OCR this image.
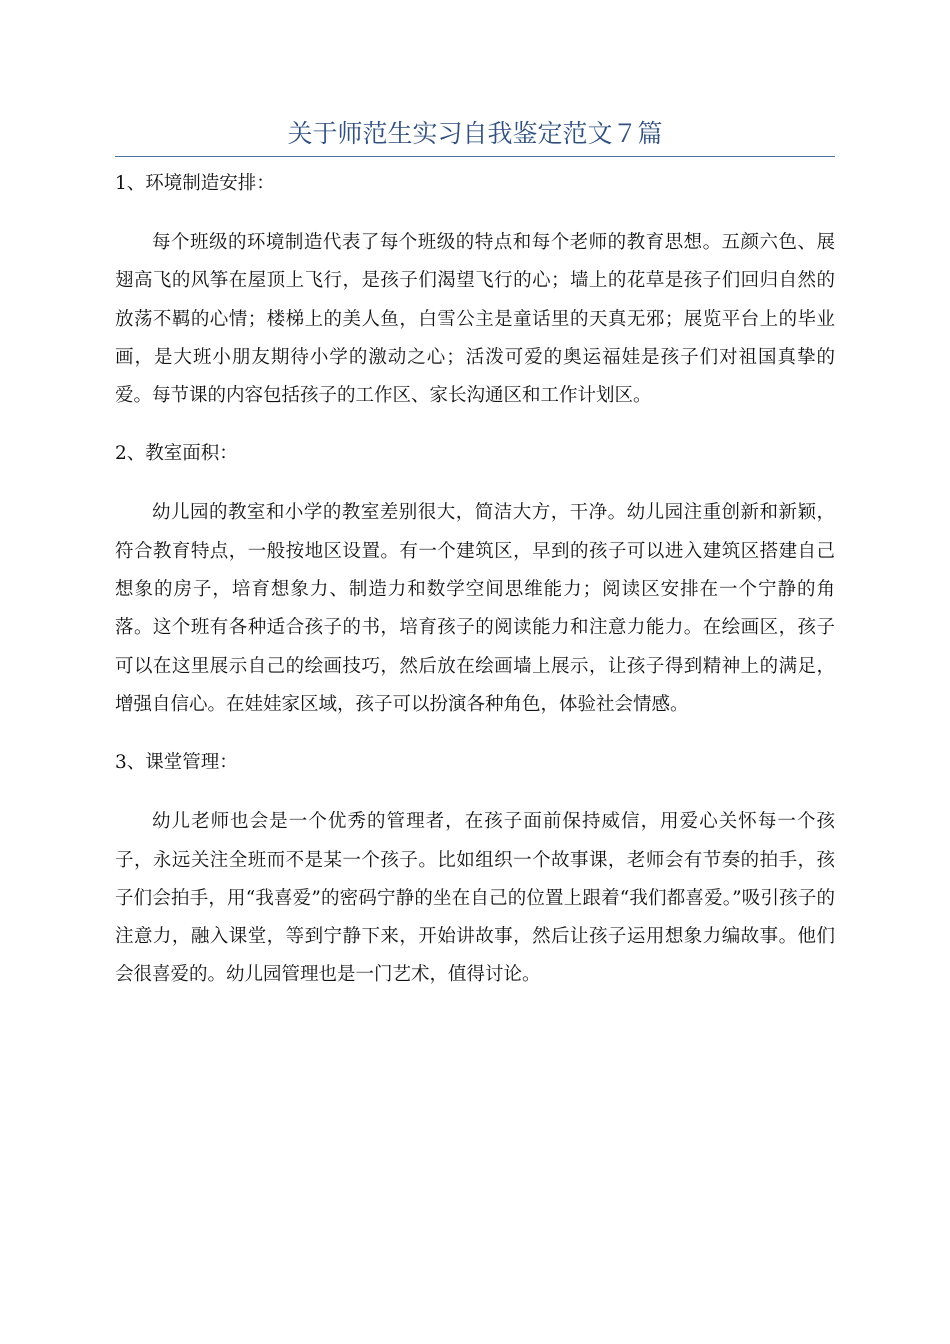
关于师范生实习自我鉴定范文７篇
1、环境制造安排：

每个班级的环境制造代表了每个班级的特点和每个老师的教育思想。五颜六色、展翅高飞的风筝在屋顶上飞行，是孩子们渴望飞行的心；墙上的花草是孩子们回归自然的放荡不羁的心情；楼梯上的美人鱼，白雪公主是童话里的天真无邪；展览平台上的毕业画，是大班小朋友期待小学的激动之心；活泼可爱的奥运福娃是孩子们对祖国真挚的爱。每节课的内容包括孩子的工作区、家长沟通区和工作计划区。

2、教室面积：

幼儿园的教室和小学的教室差别很大，简洁大方，干净。幼儿园注重创新和新颖，符合教育特点，一般按地区设置。有一个建筑区，早到的孩子可以进入建筑区搭建自己想象的房子，培育想象力、制造力和数学空间思维能力；阅读区安排在一个宁静的角落。这个班有各种适合孩子的书，培育孩子的阅读能力和注意力能力。在绘画区，孩子可以在这里展示自己的绘画技巧，然后放在绘画墙上展示，让孩子得到精神上的满足，增强自信心。在娃娃家区域，孩子可以扮演各种角色，体验社会情感。

3、课堂管理：

幼儿老师也会是一个优秀的管理者，在孩子面前保持威信，用爱心关怀每一个孩子，永远关注全班而不是某一个孩子。比如组织一个故事课，老师会有节奏的拍手，孩子们会拍手，用“我喜爱”的密码宁静的坐在自己的位置上跟着“我们都喜爱。”吸引孩子的注意力，融入课堂，等到宁静下来，开始讲故事，然后让孩子运用想象力编故事。他们会很喜爱的。幼儿园管理也是一门艺术，值得讨论。
